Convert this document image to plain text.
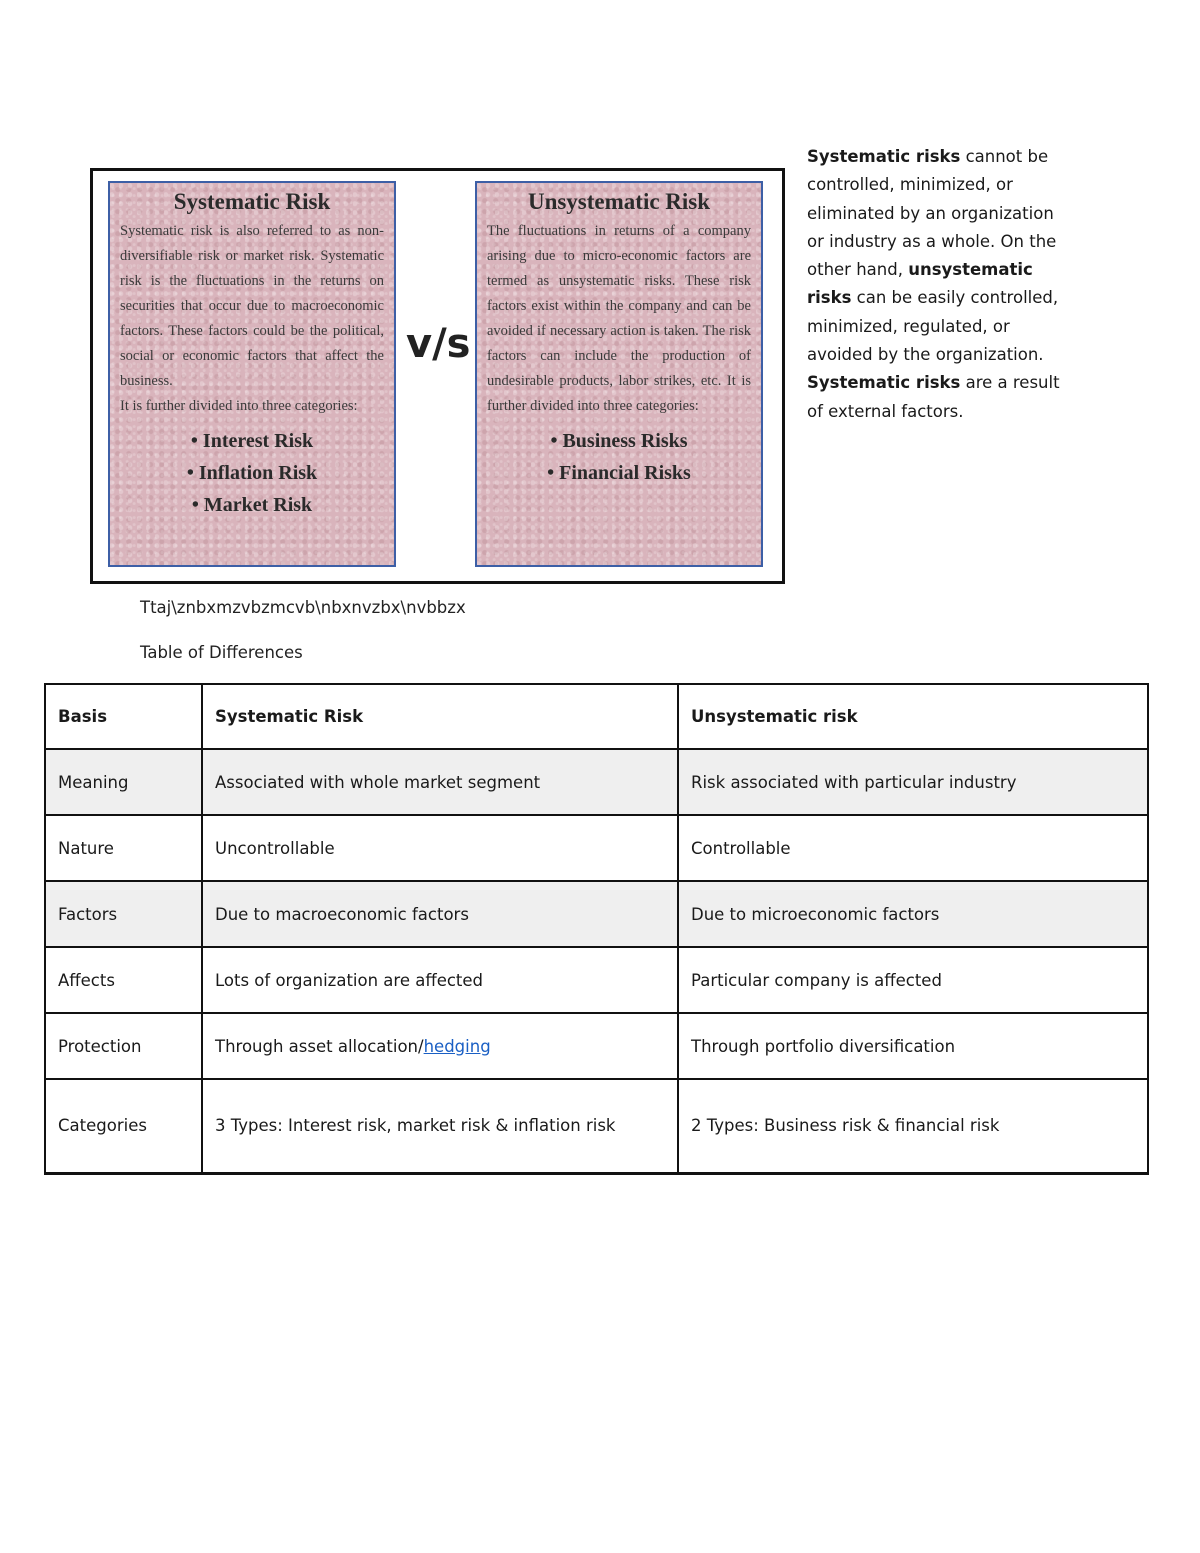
Systematic Risk

Systematic risk is also referred to as non-diversifiable risk or market risk. Systematic risk is the fluctuations in the returns on securities that occur due to macroeconomic factors. These factors could be the political, social or economic factors that affect the business.

It is further divided into three categories:

• Interest Risk
• Inflation Risk
• Market Risk
v/s
Unsystematic Risk

The fluctuations in returns of a company arising due to micro-economic factors are termed as unsystematic risks. These risk factors exist within the company and can be avoided if necessary action is taken. The risk factors can include the production of undesirable products, labor strikes, etc. It is further divided into three categories:

• Business Risks
• Financial Risks
Systematic risks cannot be controlled, minimized, or eliminated by an organization or industry as a whole. On the other hand, unsystematic risks can be easily controlled, minimized, regulated, or avoided by the organization. Systematic risks are a result of external factors.
Ttaj\znbxmzvbzmcvb\nbxnvzbx\nvbbzx
Table of Differences
Basis	Systematic Risk	Unsystematic risk
Meaning	Associated with whole market segment	Risk associated with particular industry
Nature	Uncontrollable	Controllable
Factors	Due to macroeconomic factors	Due to microeconomic factors
Affects	Lots of organization are affected	Particular company is affected
Protection	Through asset allocation/hedging	Through portfolio diversification
Categories	3 Types: Interest risk, market risk & inflation risk	2 Types: Business risk & financial risk
